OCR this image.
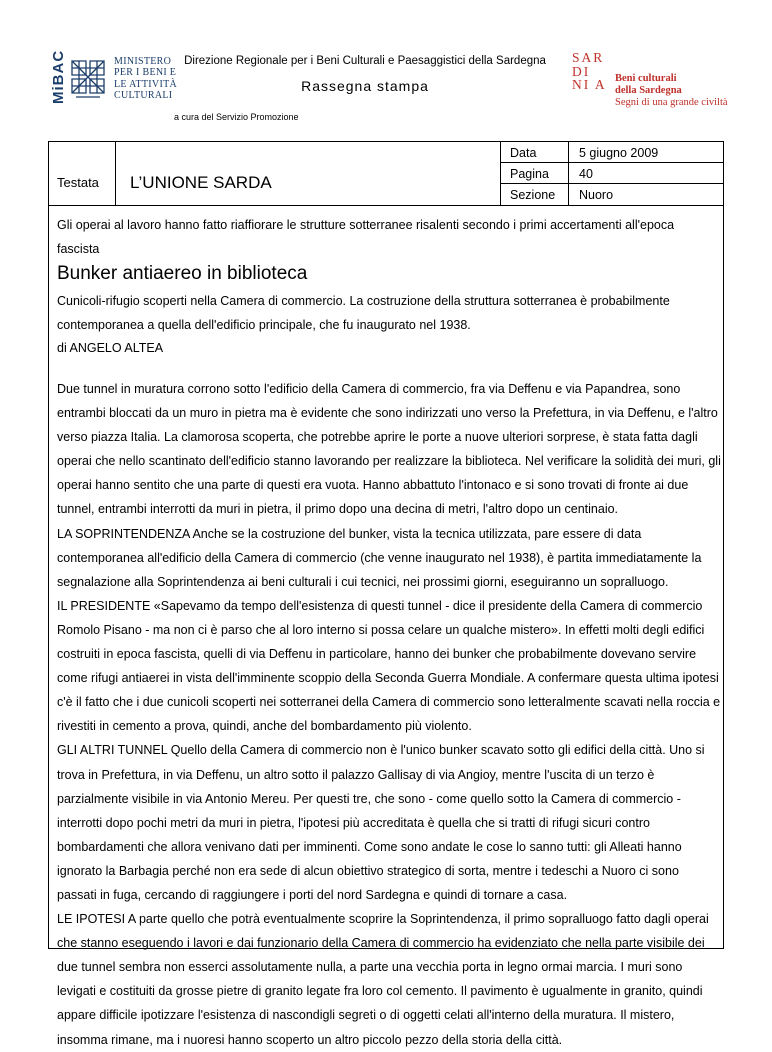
MiBAC	MINISTERO
PER I BENI E
LE ATTIVITÀ
CULTURALI
Direzione Regionale per i Beni Culturali e Paesaggistici della Sardegna
Rassegna stampa
a cura del Servizio Promozione
SAR
DI
NI A Beni culturali
della Sardegna
Segni di una grande civiltà
Testata	L’UNIONE SARDA
Data	5 giugno 2009
Pagina	40
Sezione	Nuoro
Gli operai al lavoro hanno fatto riaffiorare le strutture sotterranee risalenti secondo i primi accertamenti all'epoca fascista
Bunker antiaereo in biblioteca
Cunicoli-rifugio scoperti nella Camera di commercio. La costruzione della struttura sotterranea è probabilmente contemporanea a quella dell'edificio principale, che fu inaugurato nel 1938.
di ANGELO ALTEA

Due tunnel in muratura corrono sotto l'edificio della Camera di commercio, fra via Deffenu e via Papandrea, sono entrambi bloccati da un muro in pietra ma è evidente che sono indirizzati uno verso la Prefettura, in via Deffenu, e l'altro verso piazza Italia. La clamorosa scoperta, che potrebbe aprire le porte a nuove ulteriori sorprese, è stata fatta dagli operai che nello scantinato dell'edificio stanno lavorando per realizzare la biblioteca. Nel verificare la solidità dei muri, gli operai hanno sentito che una parte di questi era vuota. Hanno abbattuto l'intonaco e si sono trovati di fronte ai due tunnel, entrambi interrotti da muri in pietra, il primo dopo una decina di metri, l'altro dopo un centinaio.

LA SOPRINTENDENZA Anche se la costruzione del bunker, vista la tecnica utilizzata, pare essere di data contemporanea all'edificio della Camera di commercio (che venne inaugurato nel 1938), è partita immediatamente la segnalazione alla Soprintendenza ai beni culturali i cui tecnici, nei prossimi giorni, eseguiranno un sopralluogo.

IL PRESIDENTE «Sapevamo da tempo dell'esistenza di questi tunnel - dice il presidente della Camera di commercio Romolo Pisano - ma non ci è parso che al loro interno si possa celare un qualche mistero». In effetti molti degli edifici costruiti in epoca fascista, quelli di via Deffenu in particolare, hanno dei bunker che probabilmente dovevano servire come rifugi antiaerei in vista dell'imminente scoppio della Seconda Guerra Mondiale. A confermare questa ultima ipotesi c'è il fatto che i due cunicoli scoperti nei sotterranei della Camera di commercio sono letteralmente scavati nella roccia e rivestiti in cemento a prova, quindi, anche del bombardamento più violento.

GLI ALTRI TUNNEL Quello della Camera di commercio non è l'unico bunker scavato sotto gli edifici della città. Uno si trova in Prefettura, in via Deffenu, un altro sotto il palazzo Gallisay di via Angioy, mentre l'uscita di un terzo è parzialmente visibile in via Antonio Mereu. Per questi tre, che sono - come quello sotto la Camera di commercio - interrotti dopo pochi metri da muri in pietra, l'ipotesi più accreditata è quella che si tratti di rifugi sicuri contro bombardamenti che allora venivano dati per imminenti. Come sono andate le cose lo sanno tutti: gli Alleati hanno ignorato la Barbagia perché non era sede di alcun obiettivo strategico di sorta, mentre i tedeschi a Nuoro ci sono passati in fuga, cercando di raggiungere i porti del nord Sardegna e quindi di tornare a casa.

LE IPOTESI A parte quello che potrà eventualmente scoprire la Soprintendenza, il primo sopralluogo fatto dagli operai che stanno eseguendo i lavori e dai funzionario della Camera di commercio ha evidenziato che nella parte visibile dei due tunnel sembra non esserci assolutamente nulla, a parte una vecchia porta in legno ormai marcia. I muri sono levigati e costituiti da grosse pietre di granito legate fra loro col cemento. Il pavimento è ugualmente in granito, quindi appare difficile ipotizzare l'esistenza di nascondigli segreti o di oggetti celati all'interno della muratura. Il mistero, insomma rimane, ma i nuoresi hanno scoperto un altro piccolo pezzo della storia della città.
